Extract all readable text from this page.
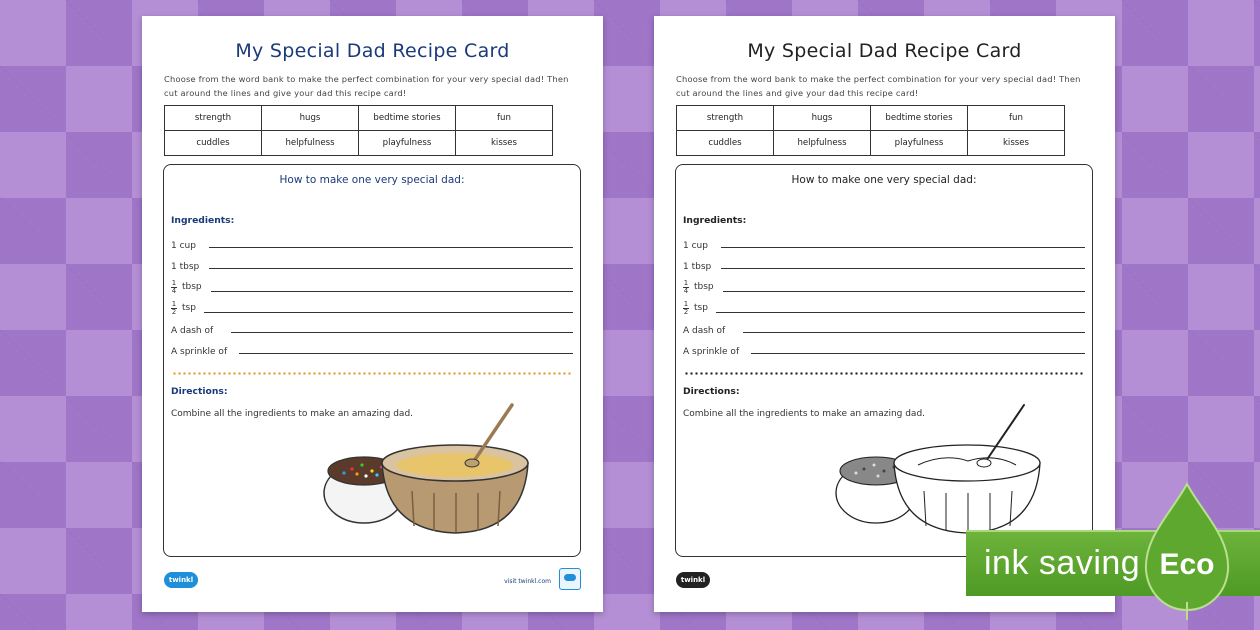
My Special Dad Recipe Card
Choose from the word bank to make the perfect combination for your very special dad! Then cut around the lines and give your dad this recipe card!
strength	hugs	bedtime stories	fun
cuddles	helpfulness	playfulness	kisses
How to make one very special dad:
Ingredients:
1 cup
1 tbsp
$\frac{1}{4}$ tbsp
$\frac{1}{2}$ tsp
A dash of
A sprinkle of
Directions:
Combine all the ingredients to make an amazing dad.
twinkl	visit twinkl.com
My Special Dad Recipe Card
Choose from the word bank to make the perfect combination for your very special dad! Then cut around the lines and give your dad this recipe card!
strength	hugs	bedtime stories	fun
cuddles	helpfulness	playfulness	kisses
How to make one very special dad:
Ingredients:
1 cup
1 tbsp
$\frac{1}{4}$ tbsp
$\frac{1}{2}$ tsp
A dash of
A sprinkle of
Directions:
Combine all the ingredients to make an amazing dad.
twinkl	ink saving Eco
